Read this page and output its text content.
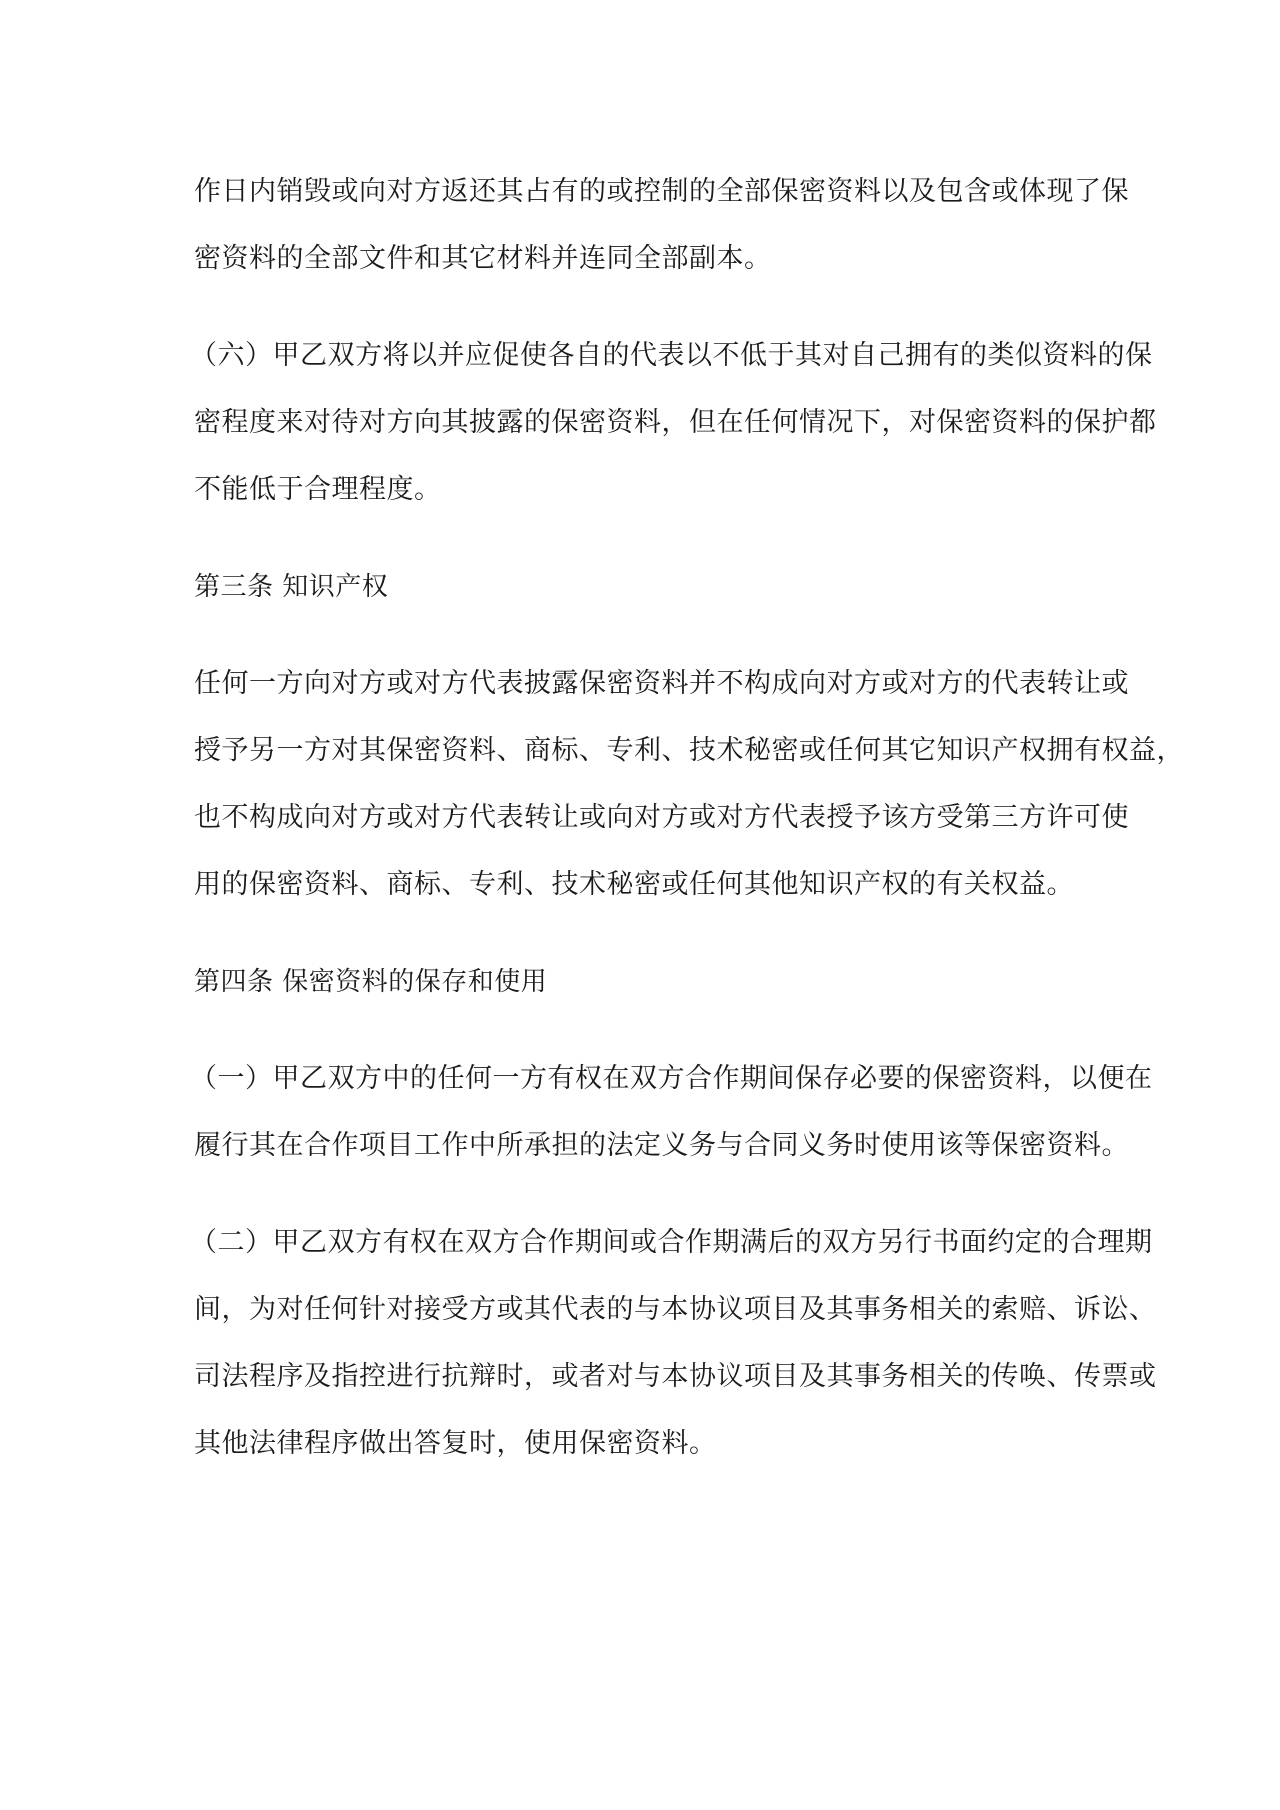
作日内销毁或向对方返还其占有的或控制的全部保密资料以及包含或体现了保
密资料的全部文件和其它材料并连同全部副本。
（六）甲乙双方将以并应促使各自的代表以不低于其对自己拥有的类似资料的保
密程度来对待对方向其披露的保密资料，但在任何情况下，对保密资料的保护都
不能低于合理程度。
第三条 知识产权
任何一方向对方或对方代表披露保密资料并不构成向对方或对方的代表转让或
授予另一方对其保密资料、商标、专利、技术秘密或任何其它知识产权拥有权益，
也不构成向对方或对方代表转让或向对方或对方代表授予该方受第三方许可使
用的保密资料、商标、专利、技术秘密或任何其他知识产权的有关权益。
第四条 保密资料的保存和使用
（一）甲乙双方中的任何一方有权在双方合作期间保存必要的保密资料，以便在
履行其在合作项目工作中所承担的法定义务与合同义务时使用该等保密资料。
（二）甲乙双方有权在双方合作期间或合作期满后的双方另行书面约定的合理期
间，为对任何针对接受方或其代表的与本协议项目及其事务相关的索赔、诉讼、
司法程序及指控进行抗辩时，或者对与本协议项目及其事务相关的传唤、传票或
其他法律程序做出答复时，使用保密资料。
